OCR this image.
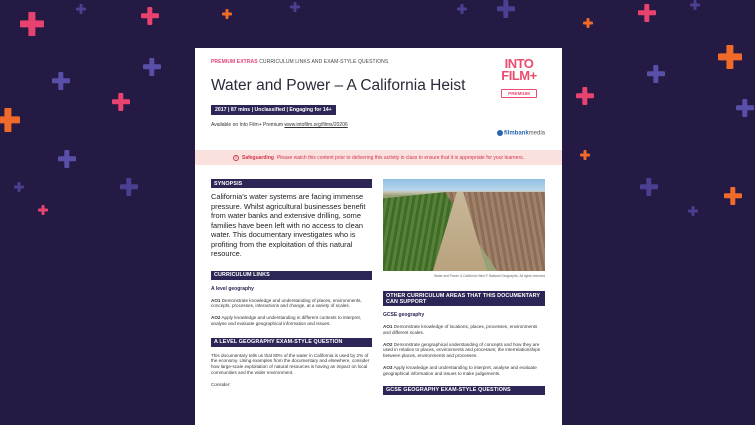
PREMIUM EXTRAS CURRICULUM LINKS AND EXAM-STYLE QUESTIONS
Water and Power – A California Heist
2017 | 87 mins | Unclassified | Engaging for 14+
Available on Into Film+ Premium www.intofilm.org/films/20206
INTO FILM+
PREMIUM
filmbankmedia
!	Safeguarding Please watch this content prior to delivering this activity in class to ensure that it is appropriate for your learners.
SYNOPSIS

California's water systems are facing immense pressure. Whilst agricultural businesses benefit from water banks and extensive drilling, some families have been left with no access to clean water. This documentary investigates who is profiting from the exploitation of this natural resource.

CURRICULUM LINKS
A level geography

AO1 Demonstrate knowledge and understanding of places, environments, concepts, processes, interactions and change, at a variety of scales.

AO2 Apply knowledge and understanding in different contexts to interpret, analyse and evaluate geographical information and issues.

A LEVEL GEOGRAPHY EXAM-STYLE QUESTION

This documentary tells us that 80% of the water in California is used by 2% of the economy. Using examples from the documentary and elsewhere, consider how large-scale exploitation of natural resources is having an impact on local communities and the wider environment.

Consider:

Water and Power: A California Heist © National Geographic. All rights reserved
OTHER CURRICULUM AREAS THAT THIS DOCUMENTARY CAN SUPPORT
GCSE geography

AO1 Demonstrate knowledge of locations, places, processes, environments and different scales.

AO2 Demonstrate geographical understanding of concepts and how they are used in relation to places, environments and processes; the interrelationships between places, environments and processes.

AO3 Apply knowledge and understanding to interpret, analyse and evaluate geographical information and issues to make judgements.

GCSE GEOGRAPHY EXAM-STYLE QUESTIONS
